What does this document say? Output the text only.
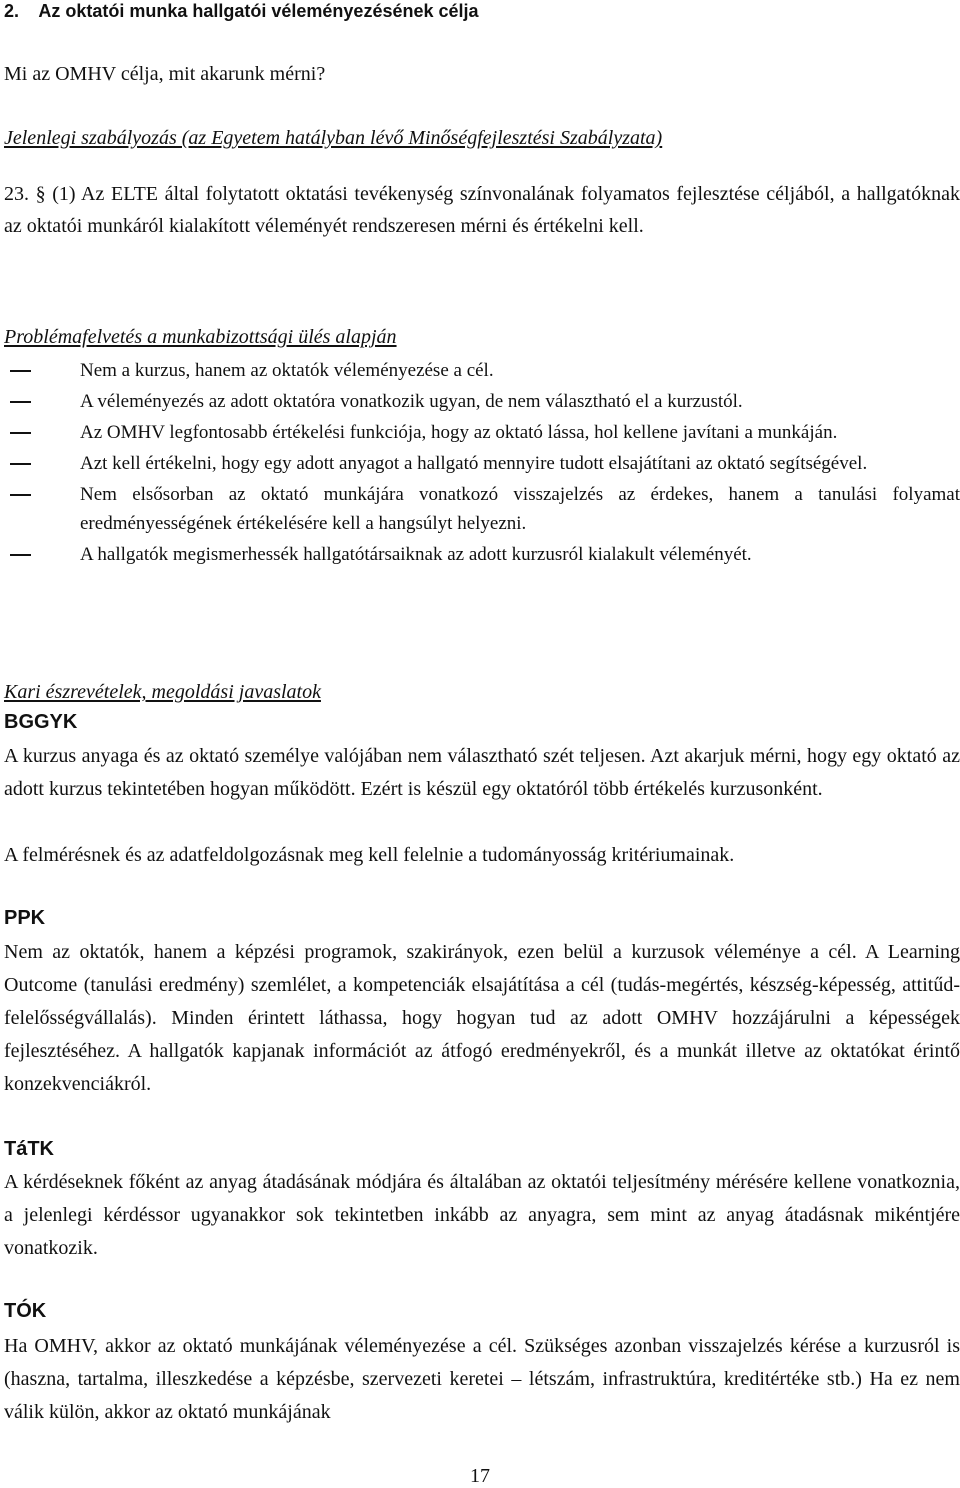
2.    Az oktatói munka hallgatói véleményezésének célja
Mi az OMHV célja, mit akarunk mérni?
Jelenlegi szabályozás (az Egyetem hatályban lévő Minőségfejlesztési Szabályzata)
23. § (1) Az ELTE által folytatott oktatási tevékenység színvonalának folyamatos fejlesztése céljából, a hallgatóknak az oktatói munkáról kialakított véleményét rendszeresen mérni és értékelni kell.
Problémafelvetés a munkabizottsági ülés alapján
Nem a kurzus, hanem az oktatók véleményezése a cél.
A véleményezés az adott oktatóra vonatkozik ugyan, de nem választható el a kurzustól.
Az OMHV legfontosabb értékelési funkciója, hogy az oktató lássa, hol kellene javítani a munkáján.
Azt kell értékelni, hogy egy adott anyagot a hallgató mennyire tudott elsajátítani az oktató segítségével.
Nem elsősorban az oktató munkájára vonatkozó visszajelzés az érdekes, hanem a tanulási folyamat eredményességének értékelésére kell a hangsúlyt helyezni.
A hallgatók megismerhessék hallgatótársaiknak az adott kurzusról kialakult véleményét.
Kari észrevételek, megoldási javaslatok
BGGYK
A kurzus anyaga és az oktató személye valójában nem választható szét teljesen. Azt akarjuk mérni, hogy egy oktató az adott kurzus tekintetében hogyan működött. Ezért is készül egy oktatóról több értékelés kurzusonként.
A felmérésnek és az adatfeldolgozásnak meg kell felelnie a tudományosság kritériumainak.
PPK
Nem az oktatók, hanem a képzési programok, szakirányok, ezen belül a kurzusok véleménye a cél. A Learning Outcome (tanulási eredmény) szemlélet, a kompetenciák elsajátítása a cél (tudás-megértés, készség-képesség, attitűd-felelősségvállalás). Minden érintett láthassa, hogy hogyan tud az adott OMHV hozzájárulni a képességek fejlesztéséhez. A hallgatók kapjanak információt az átfogó eredményekről, és a munkát illetve az oktatókat érintő konzekvenciákról.
TáTK
A kérdéseknek főként az anyag átadásának módjára és általában az oktatói teljesítmény mérésére kellene vonatkoznia, a jelenlegi kérdéssor ugyanakkor sok tekintetben inkább az anyagra, sem mint az anyag átadásnak mikéntjére vonatkozik.
TÓK
Ha OMHV, akkor az oktató munkájának véleményezése a cél. Szükséges azonban visszajelzés kérése a kurzusról is (haszna, tartalma, illeszkedése a képzésbe, szervezeti keretei – létszám, infrastruktúra, kreditértéke stb.) Ha ez nem válik külön, akkor az oktató munkájának
17
